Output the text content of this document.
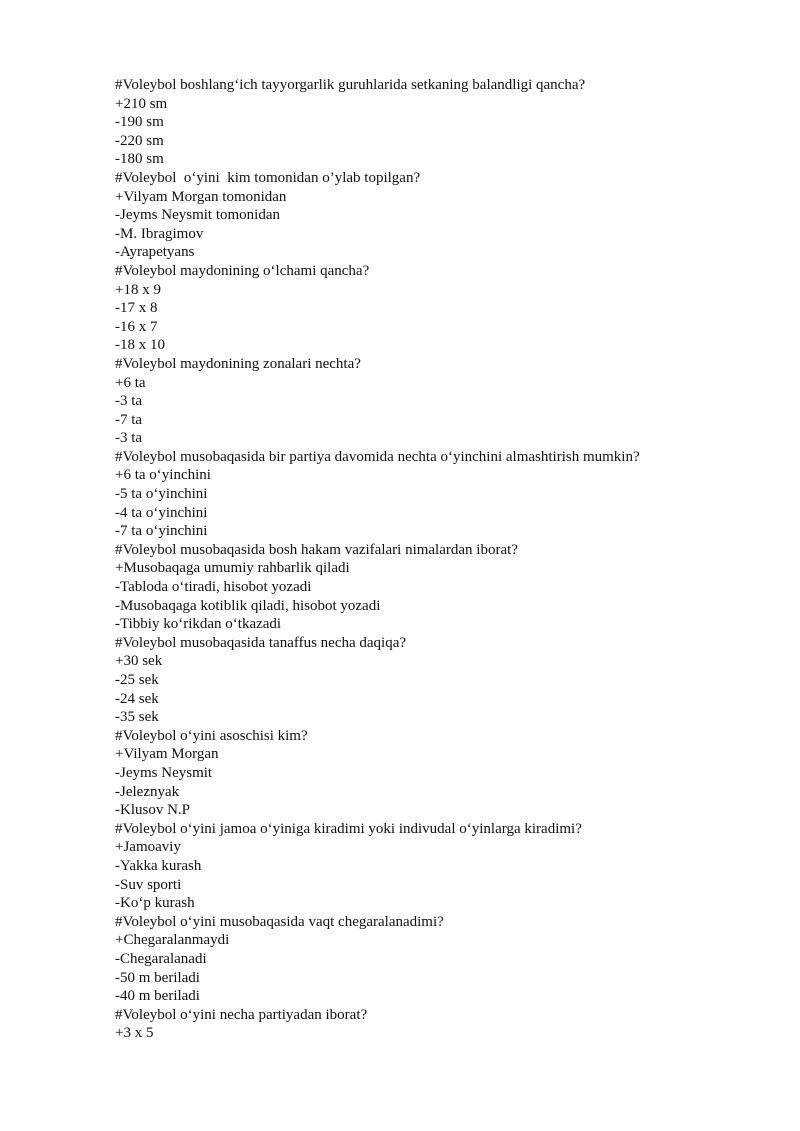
#Voleybol boshlang‘ich tayyorgarlik guruhlarida setkaning balandligi qancha?
+210 sm
-190 sm
-220 sm
-180 sm
#Voleybol  o‘yini  kim tomonidan o’ylab topilgan?
+Vilyam Morgan tomonidan
-Jeyms Neysmit tomonidan
-M. Ibragimov
-Ayrapetyans
#Voleybol maydonining o‘lchami qancha?
+18 x 9
-17 x 8
-16 x 7
-18 x 10
#Voleybol maydonining zonalari nechta?
+6 ta
-3 ta
-7 ta
-3 ta
#Voleybol musobaqasida bir partiya davomida nechta o‘yinchini almashtirish mumkin?
+6 ta o‘yinchini
-5 ta o‘yinchini
-4 ta o‘yinchini
-7 ta o‘yinchini
#Voleybol musobaqasida bosh hakam vazifalari nimalardan iborat?
+Musobaqaga umumiy rahbarlik qiladi
-Tabloda o‘tiradi, hisobot yozadi
-Musobaqaga kotiblik qiladi, hisobot yozadi
-Tibbiy ko‘rikdan o‘tkazadi
#Voleybol musobaqasida tanaffus necha daqiqa?
+30 sek
-25 sek
-24 sek
-35 sek
#Voleybol o‘yini asoschisi kim?
+Vilyam Morgan
-Jeyms Neysmit
-Jeleznyak
-Klusov N.P
#Voleybol o‘yini jamoa o‘yiniga kiradimi yoki indivudal o‘yinlarga kiradimi?
+Jamoaviy
-Yakka kurash
-Suv sporti
-Ko‘p kurash
#Voleybol o‘yini musobaqasida vaqt chegaralanadimi?
+Chegaralanmaydi
-Chegaralanadi
-50 m beriladi
-40 m beriladi
#Voleybol o‘yini necha partiyadan iborat?
+3 x 5
